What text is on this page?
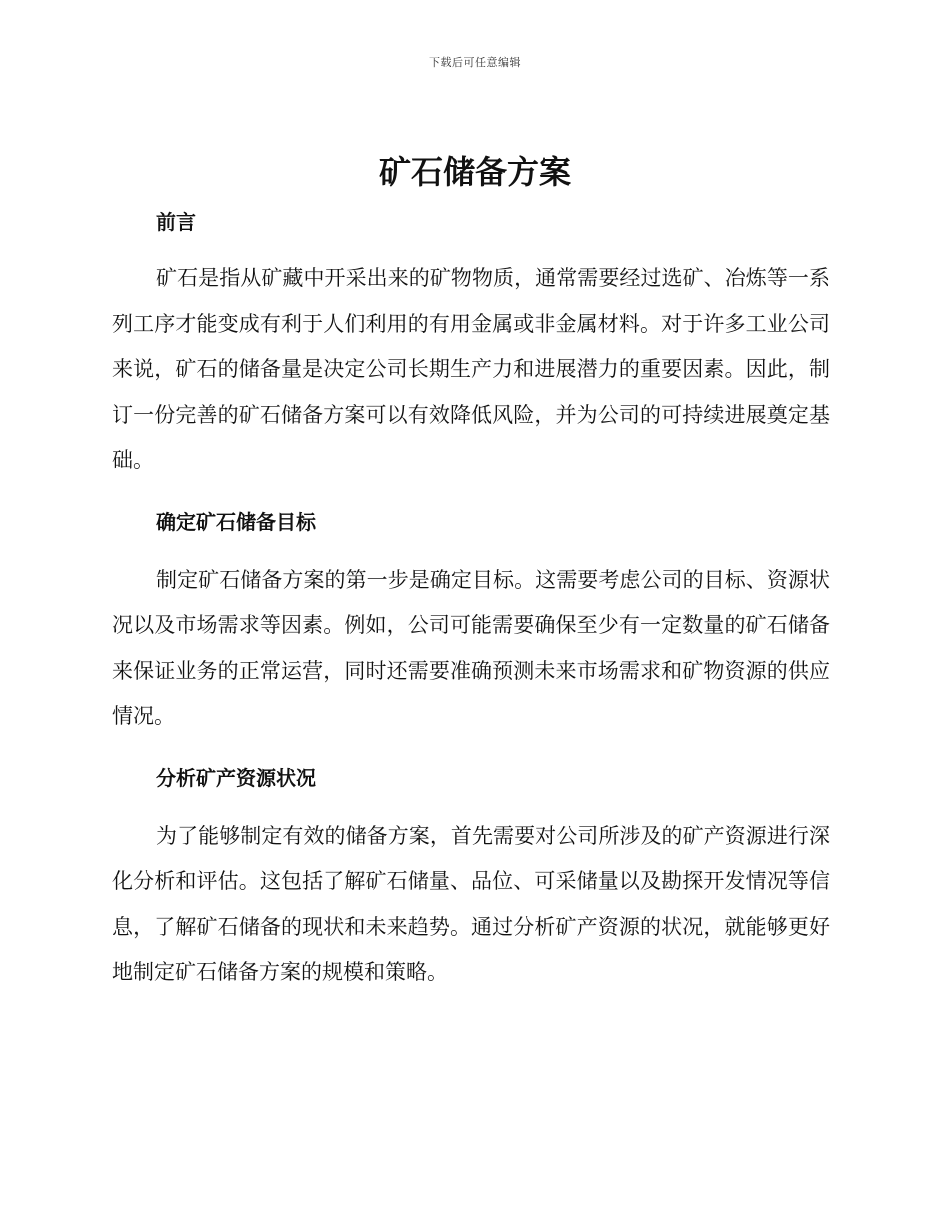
下载后可任意编辑
矿石储备方案
前言

矿石是指从矿藏中开采出来的矿物物质，通常需要经过选矿、冶炼等一系列工序才能变成有利于人们利用的有用金属或非金属材料。对于许多工业公司来说，矿石的储备量是决定公司长期生产力和进展潜力的重要因素。因此，制订一份完善的矿石储备方案可以有效降低风险，并为公司的可持续进展奠定基础。

确定矿石储备目标

制定矿石储备方案的第一步是确定目标。这需要考虑公司的目标、资源状况以及市场需求等因素。例如，公司可能需要确保至少有一定数量的矿石储备来保证业务的正常运营，同时还需要准确预测未来市场需求和矿物资源的供应情况。

分析矿产资源状况

为了能够制定有效的储备方案，首先需要对公司所涉及的矿产资源进行深化分析和评估。这包括了解矿石储量、品位、可采储量以及勘探开发情况等信息，了解矿石储备的现状和未来趋势。通过分析矿产资源的状况，就能够更好地制定矿石储备方案的规模和策略。
